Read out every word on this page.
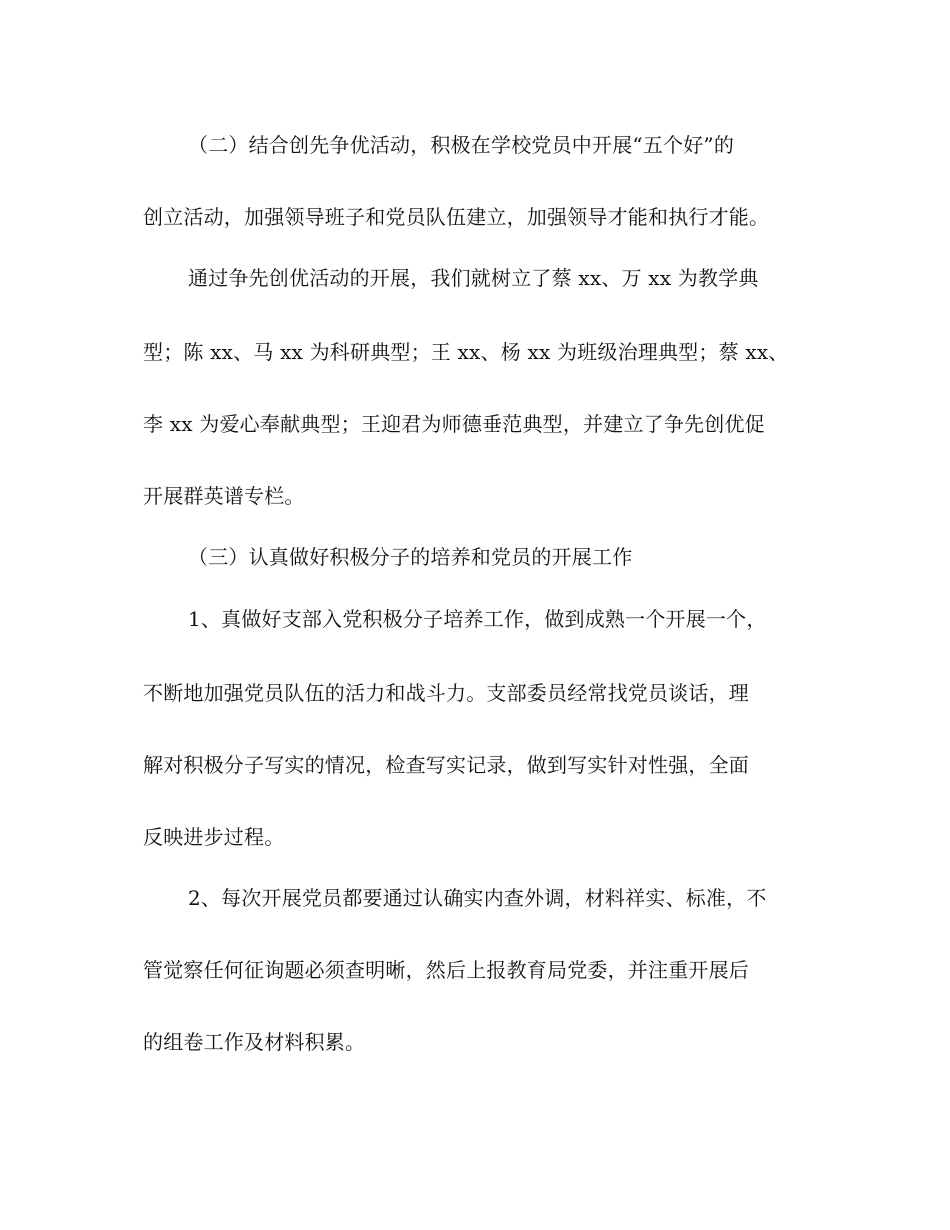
（二）结合创先争优活动，积极在学校党员中开展“五个好”的
创立活动，加强领导班子和党员队伍建立，加强领导才能和执行才能。
通过争先创优活动的开展，我们就树立了蔡 xx、万 xx 为教学典
型；陈 xx、马 xx 为科研典型；王 xx、杨 xx 为班级治理典型；蔡 xx、
李 xx 为爱心奉献典型；王迎君为师德垂范典型，并建立了争先创优促
开展群英谱专栏。
（三）认真做好积极分子的培养和党员的开展工作
1、真做好支部入党积极分子培养工作，做到成熟一个开展一个，
不断地加强党员队伍的活力和战斗力。支部委员经常找党员谈话，理
解对积极分子写实的情况，检查写实记录，做到写实针对性强，全面
反映进步过程。
2、每次开展党员都要通过认确实内查外调，材料祥实、标准，不
管觉察任何征询题必须查明晰，然后上报教育局党委，并注重开展后
的组卷工作及材料积累。
